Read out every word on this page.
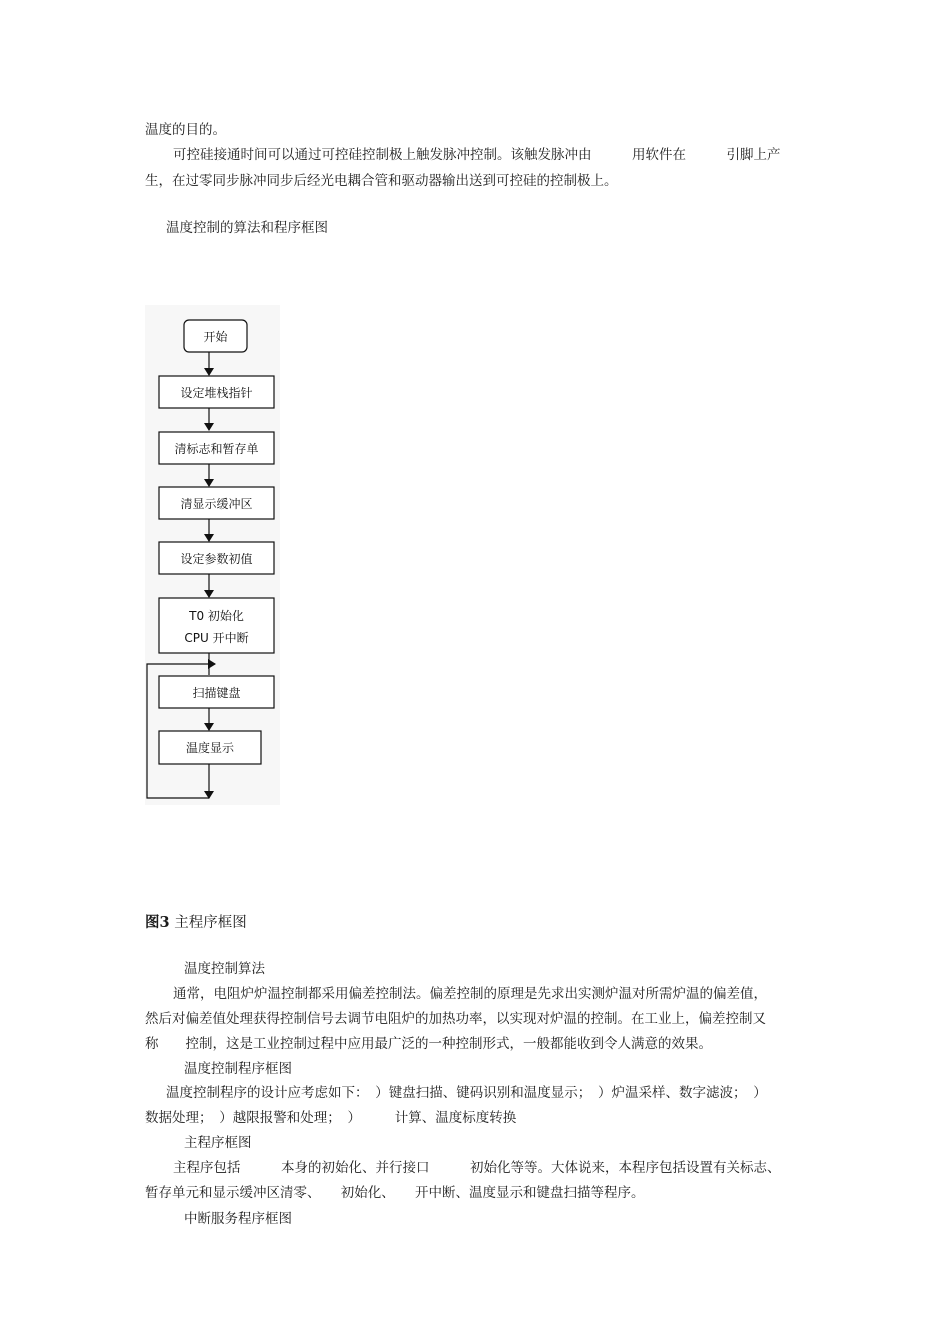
温度的目的。
可控硅接通时间可以通过可控硅控制极上触发脉冲控制。该触发脉冲由　　　用软件在　　　引脚上产
生，在过零同步脉冲同步后经光电耦合管和驱动器输出送到可控硅的控制极上。
温度控制的算法和程序框图
开始
设定堆栈指针
清标志和暂存单
清显示缓冲区
设定参数初值
T0 初始化
CPU 开中断
扫描键盘
温度显示
图3 主程序框图
温度控制算法
通常，电阻炉炉温控制都采用偏差控制法。偏差控制的原理是先求出实测炉温对所需炉温的偏差值，
然后对偏差值处理获得控制信号去调节电阻炉的加热功率，以实现对炉温的控制。在工业上，偏差控制又
称　　控制，这是工业控制过程中应用最广泛的一种控制形式，一般都能收到令人满意的效果。
温度控制程序框图
温度控制程序的设计应考虑如下：　）键盘扫描、键码识别和温度显示；　）炉温采样、数字滤波；　）
数据处理；　）越限报警和处理；　）　　　计算、温度标度转换
主程序框图
主程序包括　　　本身的初始化、并行接口　　　初始化等等。大体说来，本程序包括设置有关标志、
暂存单元和显示缓冲区清零、　　初始化、　　开中断、温度显示和键盘扫描等程序。
中断服务程序框图
